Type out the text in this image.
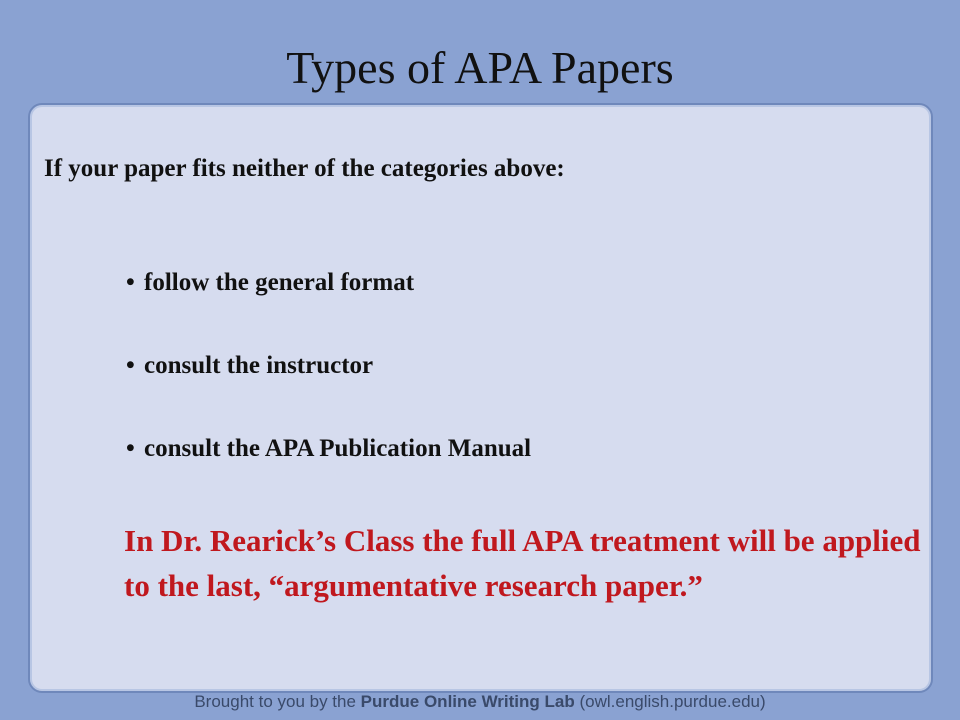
Types of APA Papers
If your paper fits neither of the categories above:
• follow the general format
• consult the instructor
• consult the APA Publication Manual
In Dr. Rearick’s Class the full APA treatment will be applied to the last, “argumentative research paper.”
Brought to you by the Purdue Online Writing Lab (owl.english.purdue.edu)
